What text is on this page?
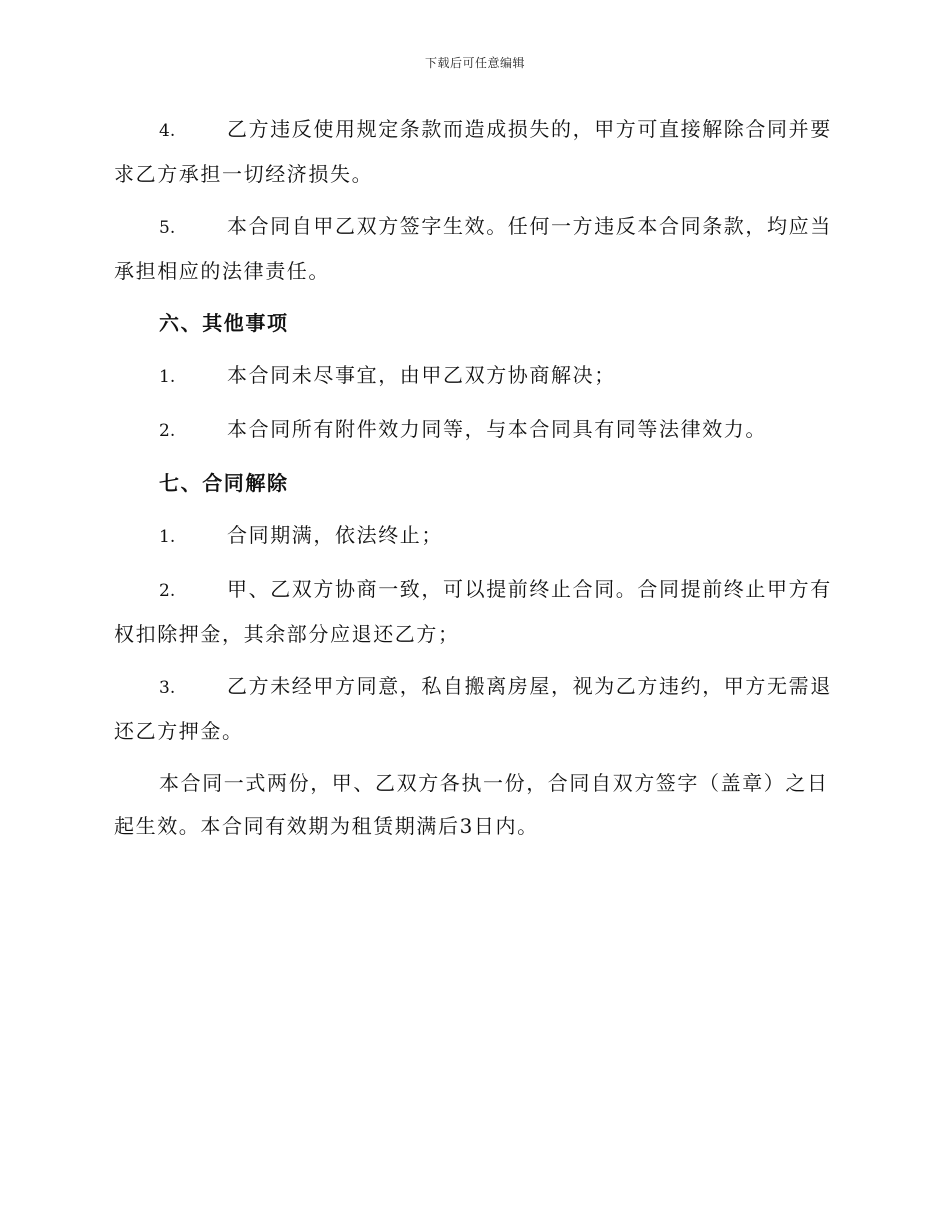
下载后可任意编辑

4.	乙方违反使用规定条款而造成损失的，甲方可直接解除合同并要求乙方承担一切经济损失。

5.	本合同自甲乙双方签字生效。任何一方违反本合同条款，均应当承担相应的法律责任。

六、其他事项

1.	本合同未尽事宜，由甲乙双方协商解决；

2.	本合同所有附件效力同等，与本合同具有同等法律效力。

七、合同解除

1.	合同期满，依法终止；

2.	甲、乙双方协商一致，可以提前终止合同。合同提前终止甲方有权扣除押金，其余部分应退还乙方；

3.	乙方未经甲方同意，私自搬离房屋，视为乙方违约，甲方无需退还乙方押金。

本合同一式两份，甲、乙双方各执一份，合同自双方签字（盖章）之日起生效。本合同有效期为租赁期满后3日内。
